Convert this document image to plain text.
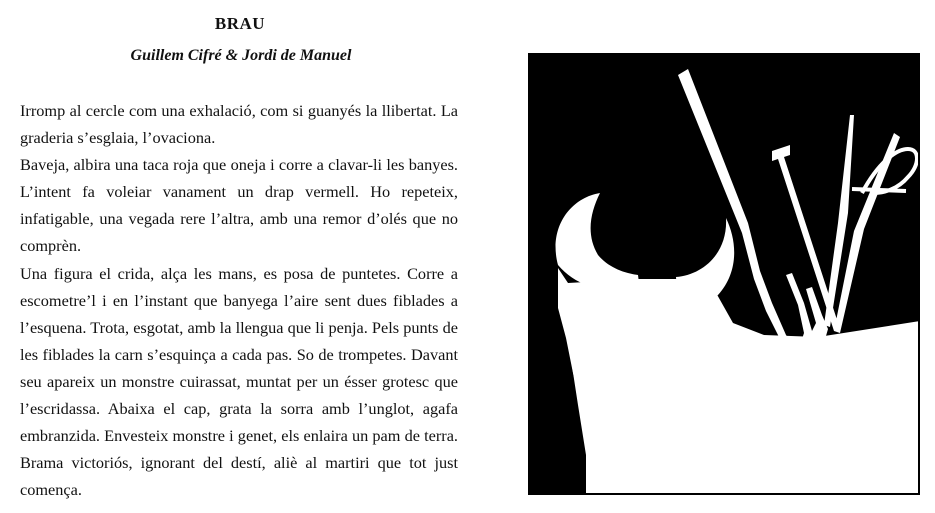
BRAU
Guillem Cifré & Jordi de Manuel

Irromp al cercle com una exhalació, com si guanyés la llibertat. La graderia s’esglaia, l’ovaciona.

Baveja, albira una taca roja que oneja i corre a clavar-li les banyes. L’intent fa voleiar vanament un drap vermell. Ho repeteix, infatigable, una vegada rere l’altra, amb una remor d’olés que no comprèn.

Una figura el crida, alça les mans, es posa de puntetes. Corre a escometre’l i en l’instant que banyega l’aire sent dues fiblades a l’esquena. Trota, esgotat, amb la llengua que li penja. Pels punts de les fiblades la carn s’esquinça a cada pas. So de trompetes. Davant seu apareix un monstre cuirassat, muntat per un ésser grotesc que l’escridassa. Abaixa el cap, grata la sorra amb l’unglot, agafa embranzida. Envesteix monstre i genet, els enlaira un pam de terra. Brama victoriós, ignorant del destí, aliè al martiri que tot just comença.
